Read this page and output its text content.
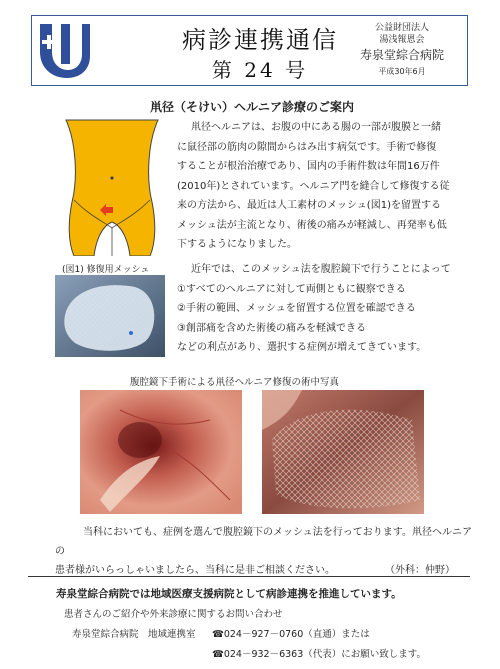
病診連携通信
第 24 号
公益財団法人
湯浅報恩会
寿泉堂綜合病院
平成30年6月
鼡径（そけい）ヘルニア診療のご案内
(図1) 修復用メッシュ
鼡径ヘルニアは、お腹の中にある腸の一部が腹膜と一緒
に鼠径部の筋肉の隙間からはみ出す病気です。手術で修復
することが根治治療であり、国内の手術件数は年間16万件
(2010年)とされています。ヘルニア門を縫合して修復する従
来の方法から、最近は人工素材のメッシュ(図1)を留置する
メッシュ法が主流となり、術後の痛みが軽減し、再発率も低
下するようになりました。
近年では、このメッシュ法を腹腔鏡下で行うことによって
①すべてのヘルニアに対して両側ともに観察できる
②手術の範囲、メッシュを留置する位置を確認できる
③創部痛を含めた術後の痛みを軽減できる
などの利点があり、選択する症例が増えてきています。
腹腔鏡下手術による鼡径ヘルニア修復の術中写真
当科においても、症例を選んで腹腔鏡下のメッシュ法を行っております。鼡径ヘルニアの
患者様がいらっしゃいましたら、当科に是非ご相談ください。	（外科：仲野）
寿泉堂綜合病院では地域医療支援病院として病診連携を推進しています。
患者さんのご紹介や外来診療に関するお問い合わせ
寿泉堂綜合病院　地域連携室 ☎024－927－0760（直通）または
☎024－932－6363（代表）にお願い致します。
